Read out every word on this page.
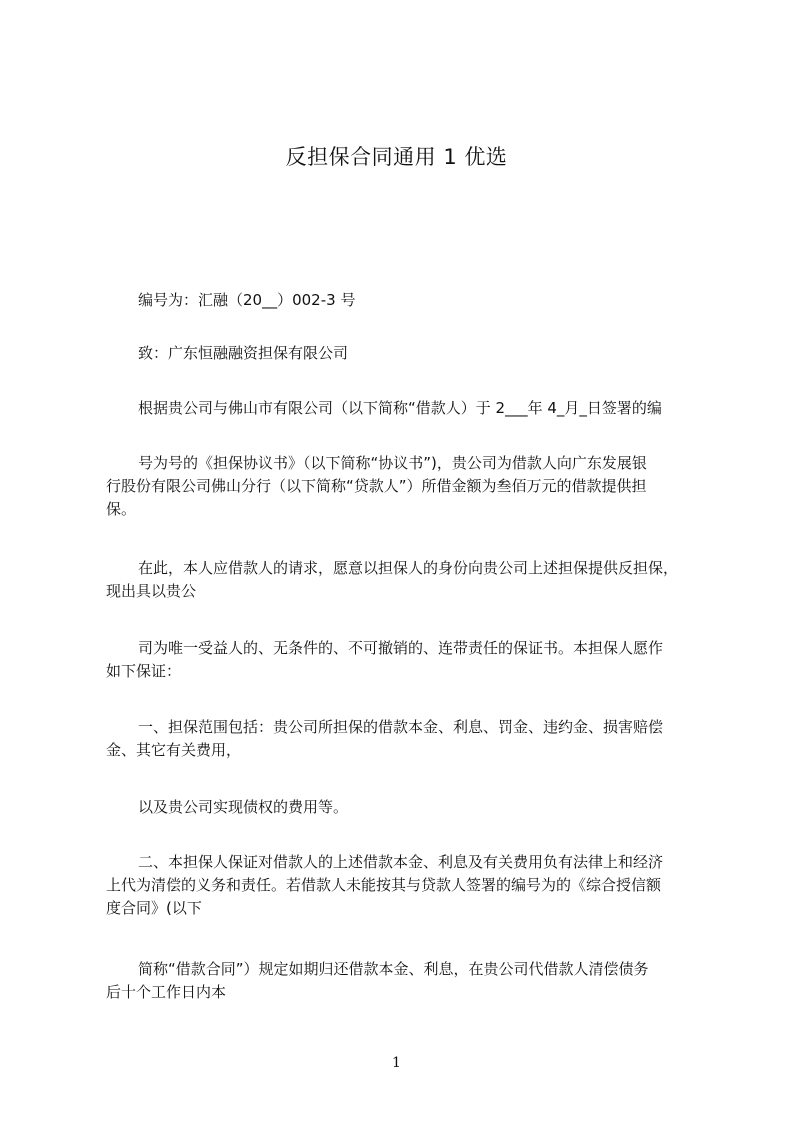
反担保合同通用 1 优选
编号为：汇融（20__）002-3 号
致：广东恒融融资担保有限公司
根据贵公司与佛山市有限公司（以下简称“借款人）于 2___年 4_月_日签署的编
号为号的《担保协议书》（以下简称“协议书”)，贵公司为借款人向广东发展银
行股份有限公司佛山分行（以下简称“贷款人”）所借金额为叁佰万元的借款提供担
保。
在此，本人应借款人的请求，愿意以担保人的身份向贵公司上述担保提供反担保，
现出具以贵公
司为唯一受益人的、无条件的、不可撤销的、连带责任的保证书。本担保人愿作
如下保证：
一、担保范围包括：贵公司所担保的借款本金、利息、罚金、违约金、损害赔偿
金、其它有关费用，
以及贵公司实现债权的费用等。
二、本担保人保证对借款人的上述借款本金、利息及有关费用负有法律上和经济
上代为清偿的义务和责任。若借款人未能按其与贷款人签署的编号为的《综合授信额
度合同》(以下
简称“借款合同”）规定如期归还借款本金、利息，在贵公司代借款人清偿债务
后十个工作日内本
1
